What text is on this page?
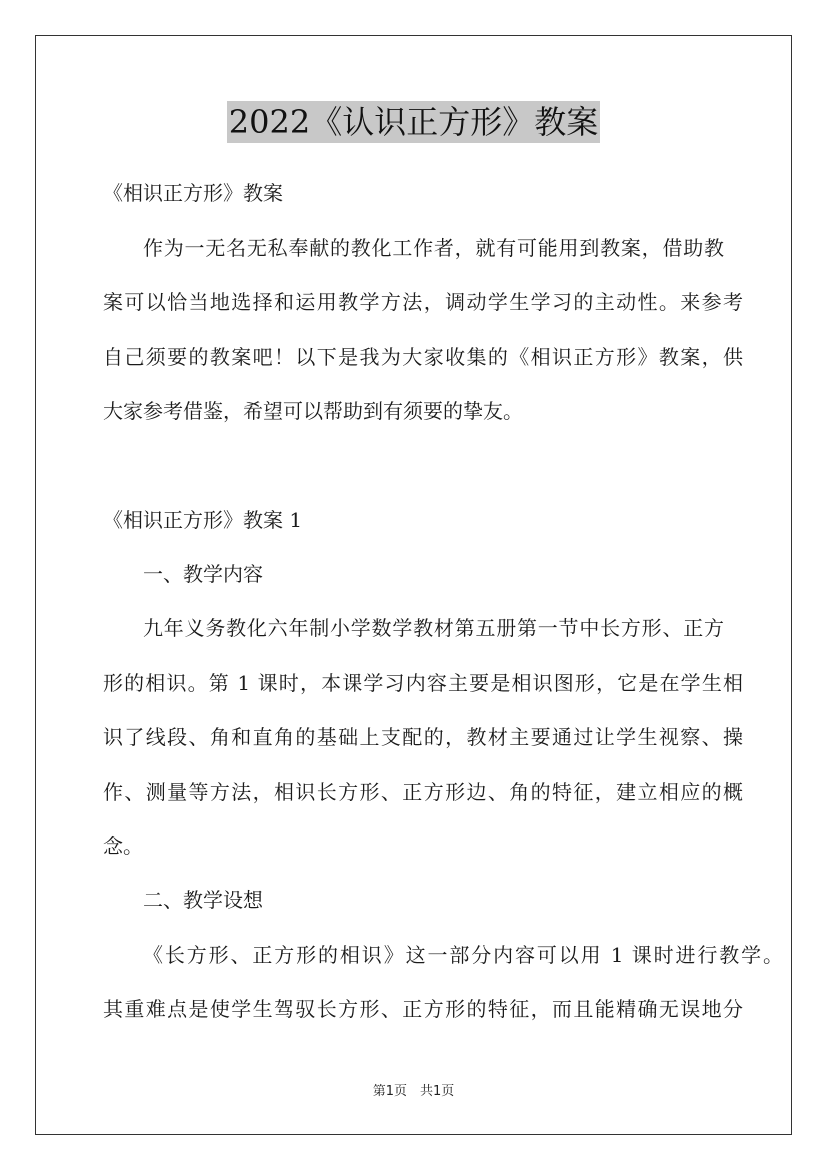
2022《认识正方形》教案
《相识正方形》教案
作为一无名无私奉献的教化工作者，就有可能用到教案，借助教
案可以恰当地选择和运用教学方法，调动学生学习的主动性。来参考
自己须要的教案吧！以下是我为大家收集的《相识正方形》教案，供
大家参考借鉴，希望可以帮助到有须要的挚友。
《相识正方形》教案 1
一、教学内容
九年义务教化六年制小学数学教材第五册第一节中长方形、正方
形的相识。第 1 课时，本课学习内容主要是相识图形，它是在学生相
识了线段、角和直角的基础上支配的，教材主要通过让学生视察、操
作、测量等方法，相识长方形、正方形边、角的特征，建立相应的概
念。
二、教学设想
《长方形、正方形的相识》这一部分内容可以用 1 课时进行教学。
其重难点是使学生驾驭长方形、正方形的特征，而且能精确无误地分
第1页　共1页
